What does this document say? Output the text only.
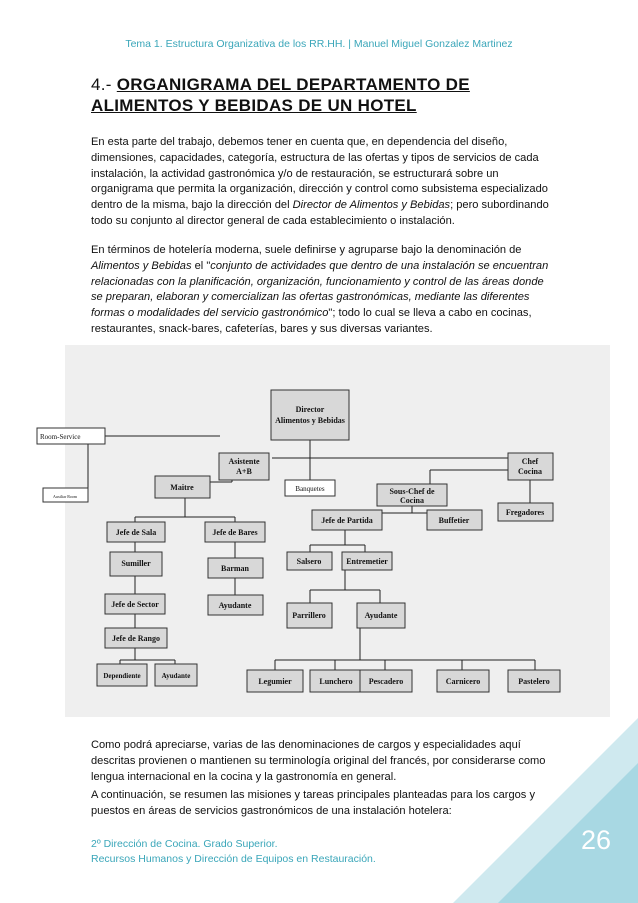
Tema 1. Estructura Organizativa de los RR.HH. | Manuel Miguel Gonzalez Martinez
4.- ORGANIGRAMA DEL DEPARTAMENTO DE
ALIMENTOS Y BEBIDAS DE UN HOTEL
En esta parte del trabajo, debemos tener en cuenta que, en dependencia del diseño, dimensiones, capacidades, categoría, estructura de las ofertas y tipos de servicios de cada instalación, la actividad gastronómica y/o de restauración, se estructurará sobre un organigrama que permita la organización, dirección y control como subsistema especializado dentro de la misma, bajo la dirección del Director de Alimentos y Bebidas; pero subordinando todo su conjunto al director general de cada establecimiento o instalación.
En términos de hotelería moderna, suele definirse y agruparse bajo la denominación de Alimentos y Bebidas el "conjunto de actividades que dentro de una instalación se encuentran relacionadas con la planificación, organización, funcionamiento y control de las áreas donde se preparan, elaboran y comercializan las ofertas gastronómicas, mediante las diferentes formas o modalidades del servicio gastronómico"; todo lo cual se lleva a cabo en cocinas, restaurantes, snack-bares, cafeterías, bares y sus diversas variantes.
Director
Alimentos y Bebidas
Asistente
A+B
Chef
Cocina
Maitre	Sous-Chef de
Cocina
Fregadores
Jefe de Sala	Jefe de Bares
Jefe de Partida	Buffetier
Sumiller
Barman
Salsero	Entremetier
Jefe de Sector	Ayudante
Parrillero	Ayudante
Jefe de Rango
Dependiente	Ayudante
Legumier	Lunchero Pescadero	Carnicero	Pastelero
Room-Service
Auxiliar Room
Banquetes
Como podrá apreciarse, varias de las denominaciones de cargos y especialidades aquí descritas provienen o mantienen su terminología original del francés, por considerarse como lengua internacional en la cocina y la gastronomía en general.
A continuación, se resumen las misiones y tareas principales planteadas para los cargos y puestos en áreas de servicios gastronómicos de una instalación hotelera:
2º Dirección de Cocina. Grado Superior.
Recursos Humanos y Dirección de Equipos en Restauración.
26
